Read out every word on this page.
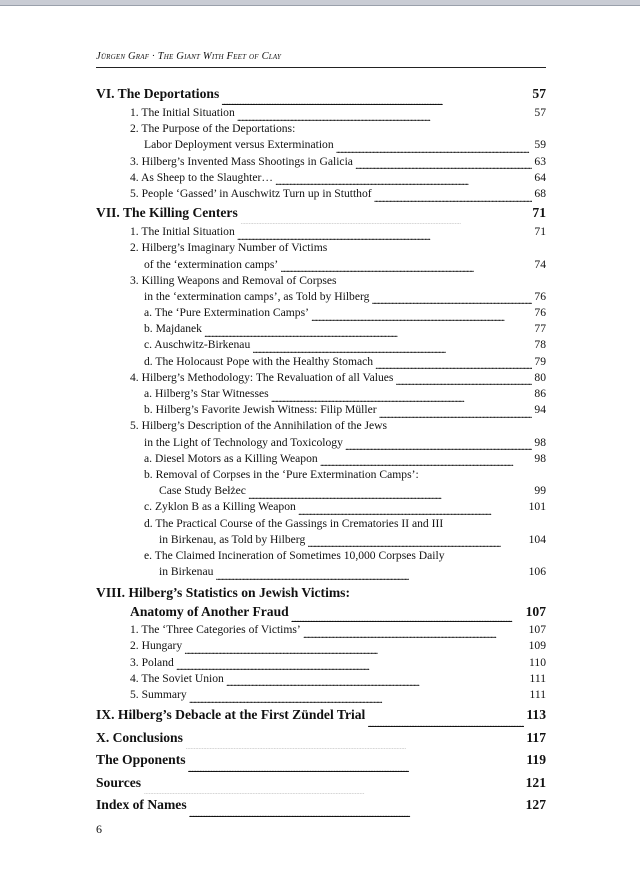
Jürgen Graf · The Giant With Feet of Clay
VI. The Deportations . . .	57
1. The Initial Situation . . .	57
2. The Purpose of the Deportations:
Labor Deployment versus Extermination . . .	59
3. Hilberg’s Invented Mass Shootings in Galicia . . .	63
4. As Sheep to the Slaughter… . . .	64
5. People ‘Gassed’ in Auschwitz Turn up in Stutthof . . .	68
VII. The Killing Centers . . .	71
1. The Initial Situation . . .	71
2. Hilberg’s Imaginary Number of Victims
of the ‘extermination camps’ . . .	74
3. Killing Weapons and Removal of Corpses
in the ‘extermination camps’, as Told by Hilberg . . .	76
a. The ‘Pure Extermination Camps’ . . .	76
b. Majdanek . . .	77
c. Auschwitz-Birkenau . . .	78
d. The Holocaust Pope with the Healthy Stomach . . .	79
4. Hilberg’s Methodology: The Revaluation of all Values . . .	80
a. Hilberg’s Star Witnesses . . .	86
b. Hilberg’s Favorite Jewish Witness: Filip Müller . . .	94
5. Hilberg’s Description of the Annihilation of the Jews
in the Light of Technology and Toxicology . . .	98
a. Diesel Motors as a Killing Weapon . . .	98
b. Removal of Corpses in the ‘Pure Extermination Camps’:
Case Study Bełżec . . .	99
c. Zyklon B as a Killing Weapon . . .	101
d. The Practical Course of the Gassings in Crematories II and III
in Birkenau, as Told by Hilberg . . .	104
e. The Claimed Incineration of Sometimes 10,000 Corpses Daily
in Birkenau . . .	106
VIII. Hilberg’s Statistics on Jewish Victims:
Anatomy of Another Fraud . . .	107
1. The ‘Three Categories of Victims’ . . .	107
2. Hungary . . .	109
3. Poland . . .	110
4. The Soviet Union . . .	111
5. Summary . . .	111
IX. Hilberg’s Debacle at the First Zündel Trial . . .	113
X. Conclusions . . .	117
The Opponents . . .	119
Sources . . .	121
Index of Names . . .	127
6
